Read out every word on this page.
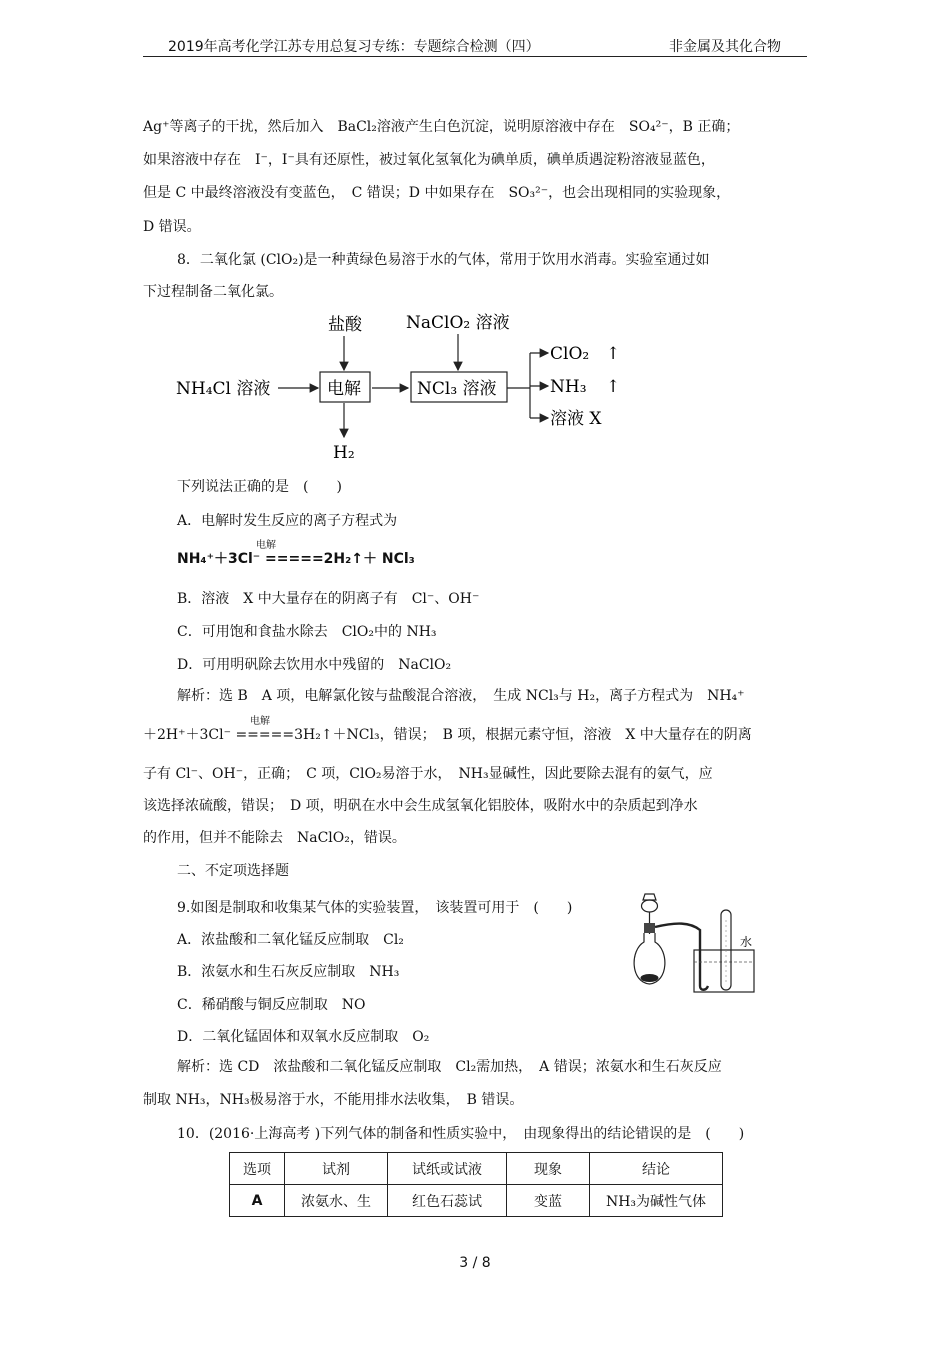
2019年高考化学江苏专用总复习专练：专题综合检测（四）	非金属及其化合物
Ag⁺等离子的干扰，然后加入　BaCl₂溶液产生白色沉淀，说明原溶液中存在　SO₄²⁻，B 正确；
如果溶液中存在　I⁻，I⁻具有还原性，被过氧化氢氧化为碘单质，碘单质遇淀粉溶液显蓝色，
但是 C 中最终溶液没有变蓝色，　C 错误；D 中如果存在　SO₃²⁻，也会出现相同的实验现象，
D 错误。
8．二氧化氯 (ClO₂)是一种黄绿色易溶于水的气体，常用于饮用水消毒。实验室通过如
下过程制备二氧化氯。
盐酸	NaClO₂ 溶液
NH₄Cl 溶液	电解
H₂
NCl₃ 溶液
ClO₂ ↑
NH₃ ↑
溶液 X
下列说法正确的是　(　　)
A．电解时发生反应的离子方程式为
电解
NH₄⁺＋3Cl⁻ =====2H₂↑＋ NCl₃
B．溶液　X 中大量存在的阴离子有　Cl⁻、OH⁻
C．可用饱和食盐水除去　ClO₂中的 NH₃
D．可用明矾除去饮用水中残留的　NaClO₂
解析：选 B　A 项，电解氯化铵与盐酸混合溶液，　生成 NCl₃与 H₂，离子方程式为　NH₄⁺
电解
＋2H⁺＋3Cl⁻ =====3H₂↑＋NCl₃，错误；　B 项，根据元素守恒，溶液　X 中大量存在的阴离
子有 Cl⁻、OH⁻，正确；　C 项，ClO₂易溶于水，　NH₃显碱性，因此要除去混有的氨气，应
该选择浓硫酸，错误；　D 项，明矾在水中会生成氢氧化铝胶体，吸附水中的杂质起到净水
的作用，但并不能除去　NaClO₂，错误。
二、不定项选择题
9.如图是制取和收集某气体的实验装置，　该装置可用于　(　　)
A．浓盐酸和二氧化锰反应制取　Cl₂
B．浓氨水和生石灰反应制取　NH₃
C．稀硝酸与铜反应制取　NO
D．二氧化锰固体和双氧水反应制取　O₂
水
解析：选 CD　浓盐酸和二氧化锰反应制取　Cl₂需加热，　A 错误；浓氨水和生石灰反应
制取 NH₃，NH₃极易溶于水，不能用排水法收集，　B 错误。
10．(2016·上海高考 )下列气体的制备和性质实验中，　由现象得出的结论错误的是　(　　)
选项	试剂	试纸或试液	现象	结论
A	浓氨水、生	红色石蕊试	变蓝	NH₃为碱性气体
3 / 8
